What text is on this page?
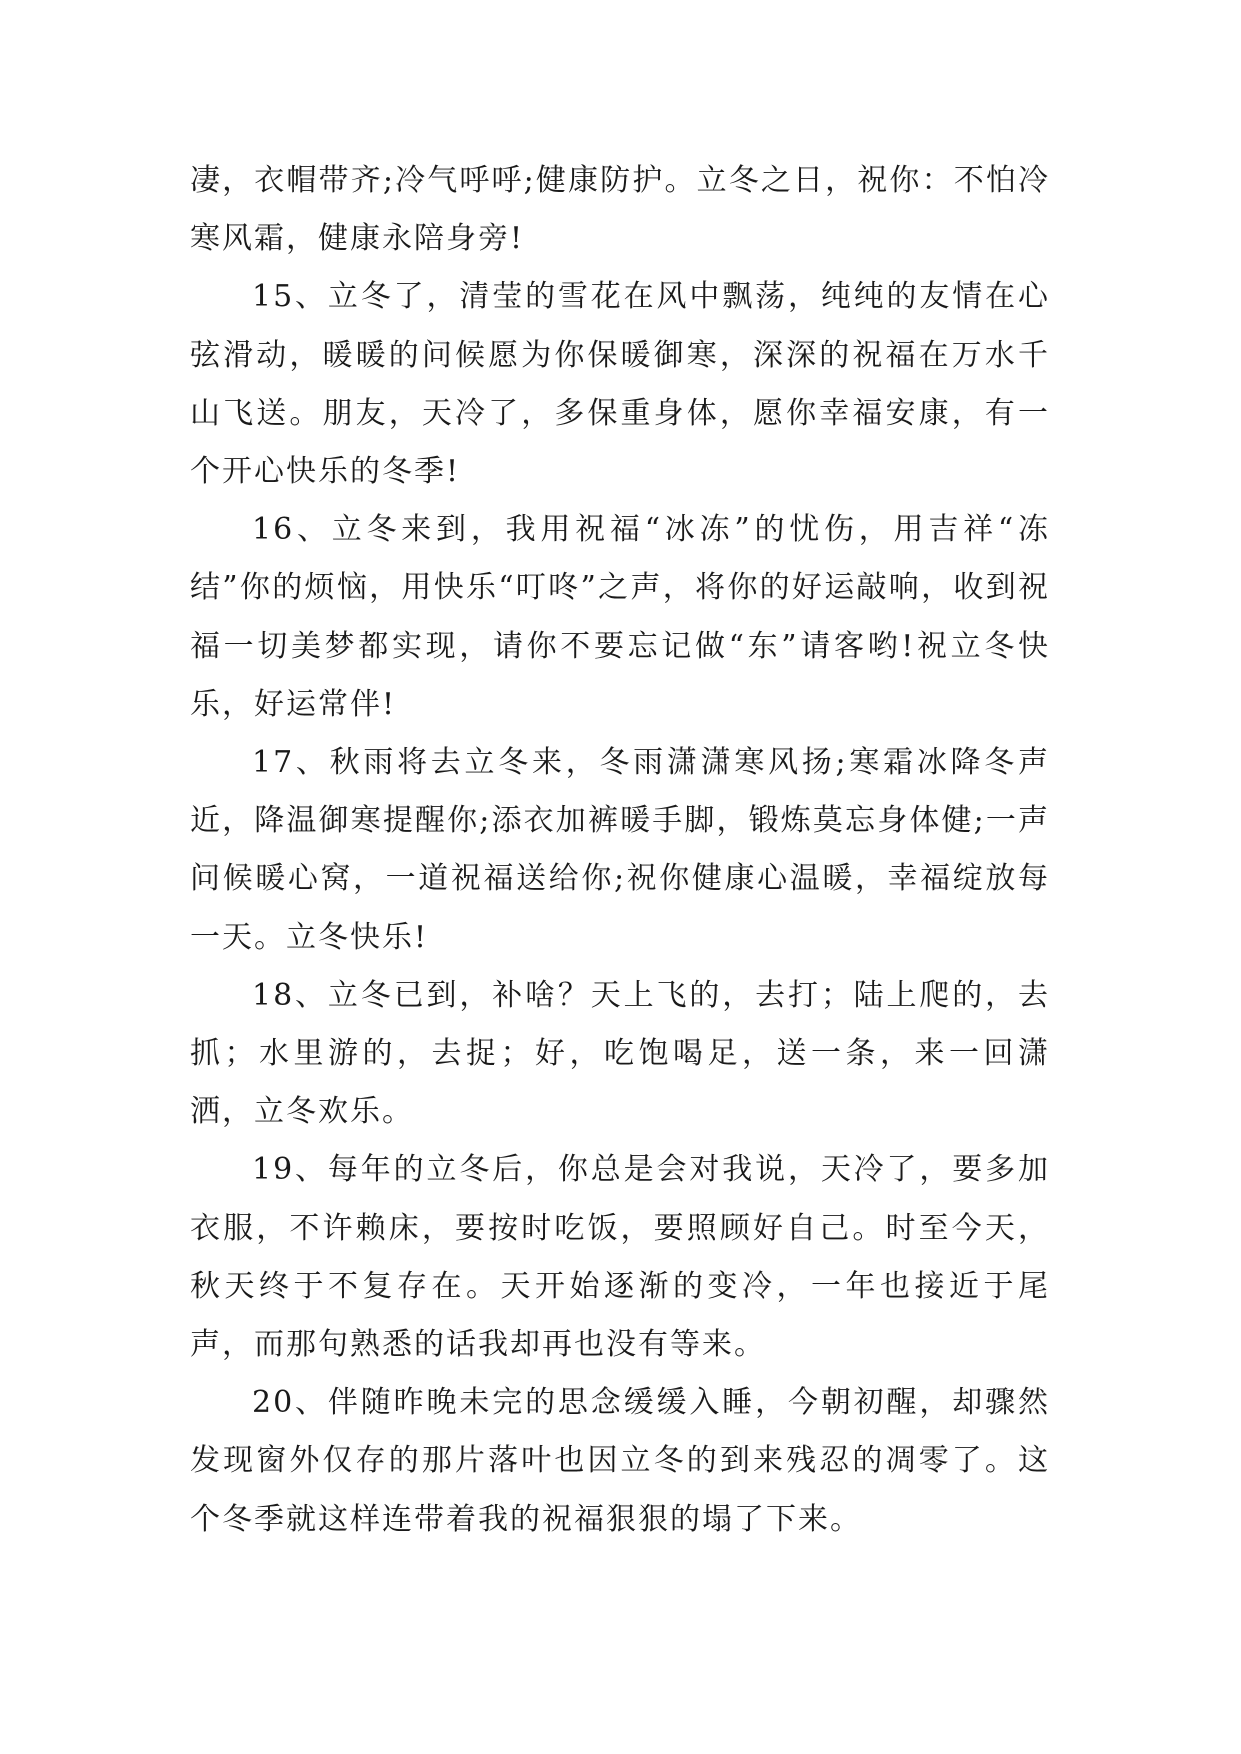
凄，衣帽带齐;冷气呼呼;健康防护。立冬之日，祝你：不怕冷寒风霜，健康永陪身旁!

15、立冬了，清莹的雪花在风中飘荡，纯纯的友情在心弦滑动，暖暖的问候愿为你保暖御寒，深深的祝福在万水千山飞送。朋友，天冷了，多保重身体，愿你幸福安康，有一个开心快乐的冬季!

16、立冬来到，我用祝福“冰冻”的忧伤，用吉祥“冻结”你的烦恼，用快乐“叮咚”之声，将你的好运敲响，收到祝福一切美梦都实现，请你不要忘记做“东”请客哟!祝立冬快乐，好运常伴!

17、秋雨将去立冬来，冬雨潇潇寒风扬;寒霜冰降冬声近，降温御寒提醒你;添衣加裤暖手脚，锻炼莫忘身体健;一声问候暖心窝，一道祝福送给你;祝你健康心温暖，幸福绽放每一天。立冬快乐!

18、立冬已到，补啥？天上飞的，去打；陆上爬的，去抓；水里游的，去捉；好，吃饱喝足，送一条，来一回潇洒，立冬欢乐。

19、每年的立冬后，你总是会对我说，天冷了，要多加衣服，不许赖床，要按时吃饭，要照顾好自己。时至今天，秋天终于不复存在。天开始逐渐的变冷，一年也接近于尾声，而那句熟悉的话我却再也没有等来。

20、伴随昨晚未完的思念缓缓入睡，今朝初醒，却骤然发现窗外仅存的那片落叶也因立冬的到来残忍的凋零了。这个冬季就这样连带着我的祝福狠狠的塌了下来。
